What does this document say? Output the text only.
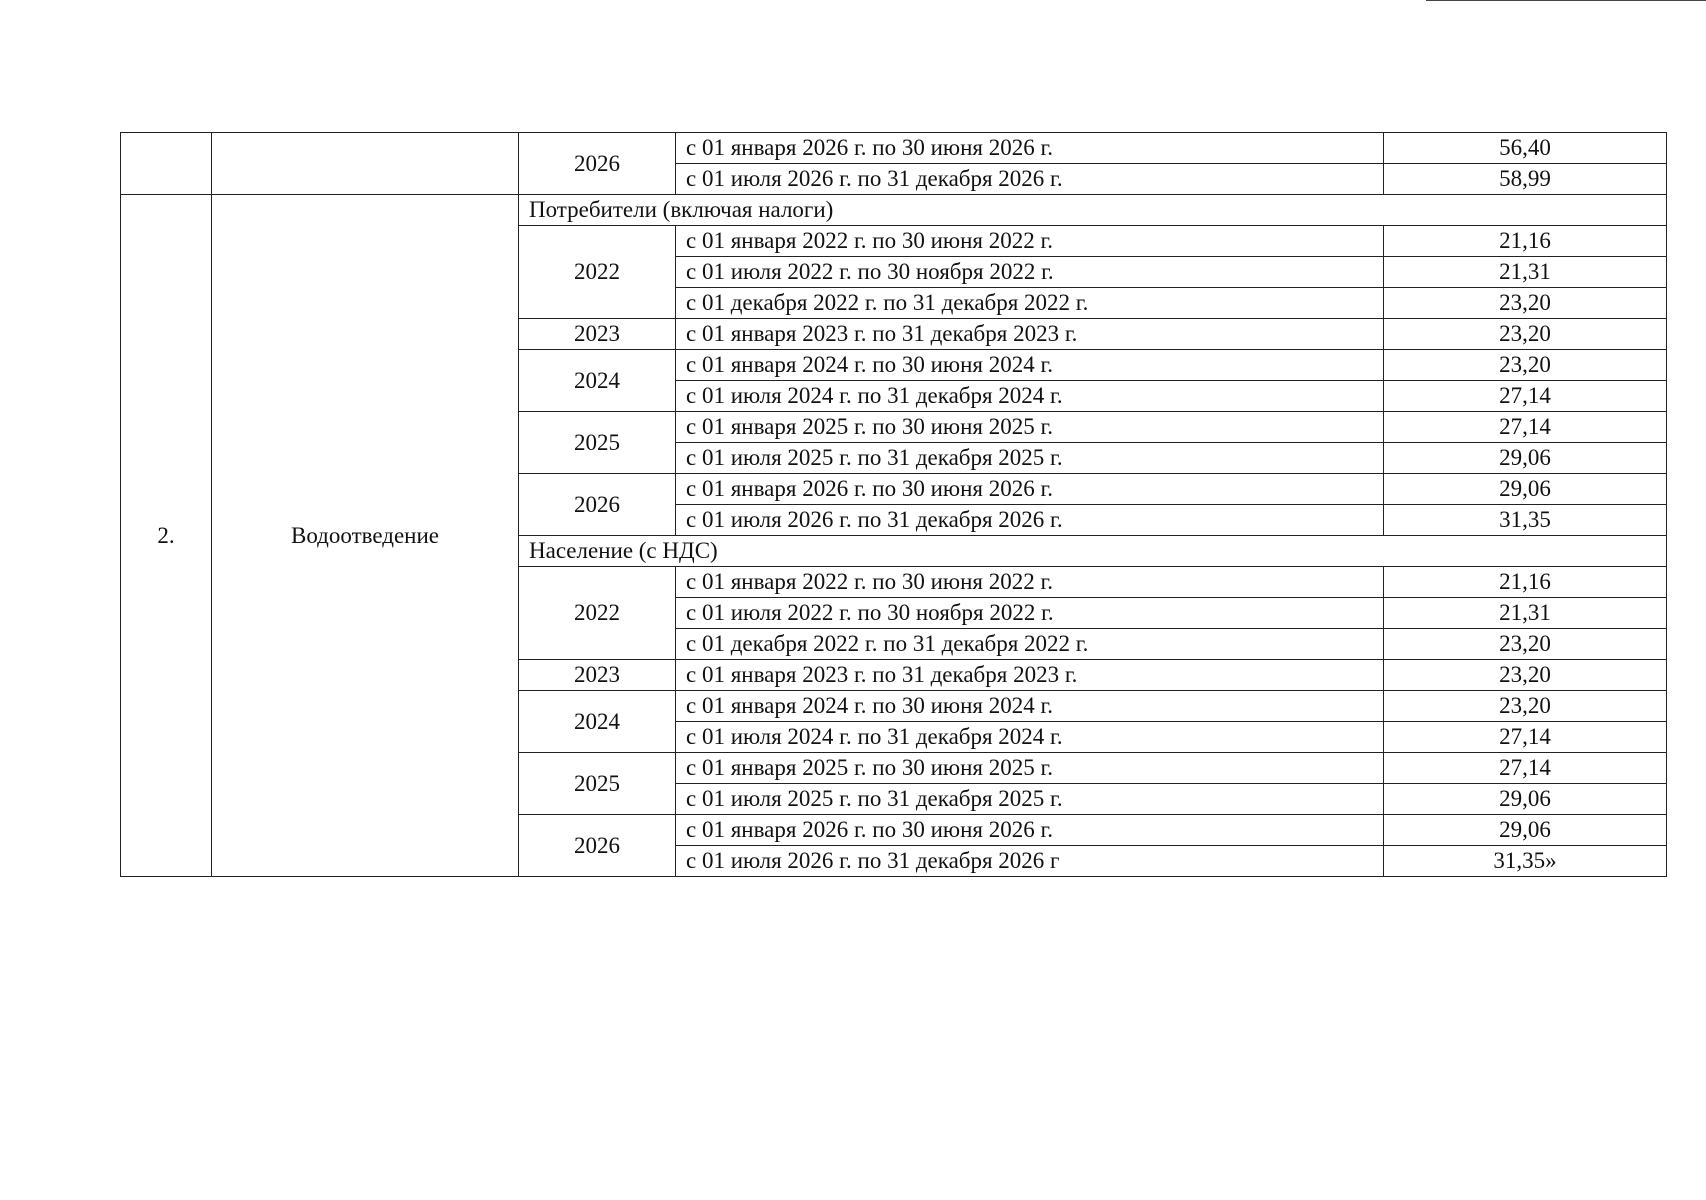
		2026	с 01 января 2026 г. по 30 июня 2026 г.	56,40
			с 01 июля 2026 г. по 31 декабря 2026 г.	58,99
2.	Водоотведение	Потребители (включая налоги)		
		2022	с 01 января 2022 г. по 30 июня 2022 г.	21,16
			с 01 июля 2022 г. по 30 ноября 2022 г.	21,31
			с 01 декабря 2022 г. по 31 декабря 2022 г.	23,20
		2023	с 01 января 2023 г. по 31 декабря 2023 г.	23,20
		2024	с 01 января 2024 г. по 30 июня 2024 г.	23,20
			с 01 июля 2024 г. по 31 декабря 2024 г.	27,14
		2025	с 01 января 2025 г. по 30 июня 2025 г.	27,14
			с 01 июля 2025 г. по 31 декабря 2025 г.	29,06
		2026	с 01 января 2026 г. по 30 июня 2026 г.	29,06
			с 01 июля 2026 г. по 31 декабря 2026 г.	31,35
		Население (с НДС)		
		2022	с 01 января 2022 г. по 30 июня 2022 г.	21,16
			с 01 июля 2022 г. по 30 ноября 2022 г.	21,31
			с 01 декабря 2022 г. по 31 декабря 2022 г.	23,20
		2023	с 01 января 2023 г. по 31 декабря 2023 г.	23,20
		2024	с 01 января 2024 г. по 30 июня 2024 г.	23,20
			с 01 июля 2024 г. по 31 декабря 2024 г.	27,14
		2025	с 01 января 2025 г. по 30 июня 2025 г.	27,14
			с 01 июля 2025 г. по 31 декабря 2025 г.	29,06
		2026	с 01 января 2026 г. по 30 июня 2026 г.	29,06
			с 01 июля 2026 г. по 31 декабря 2026 г	31,35»
